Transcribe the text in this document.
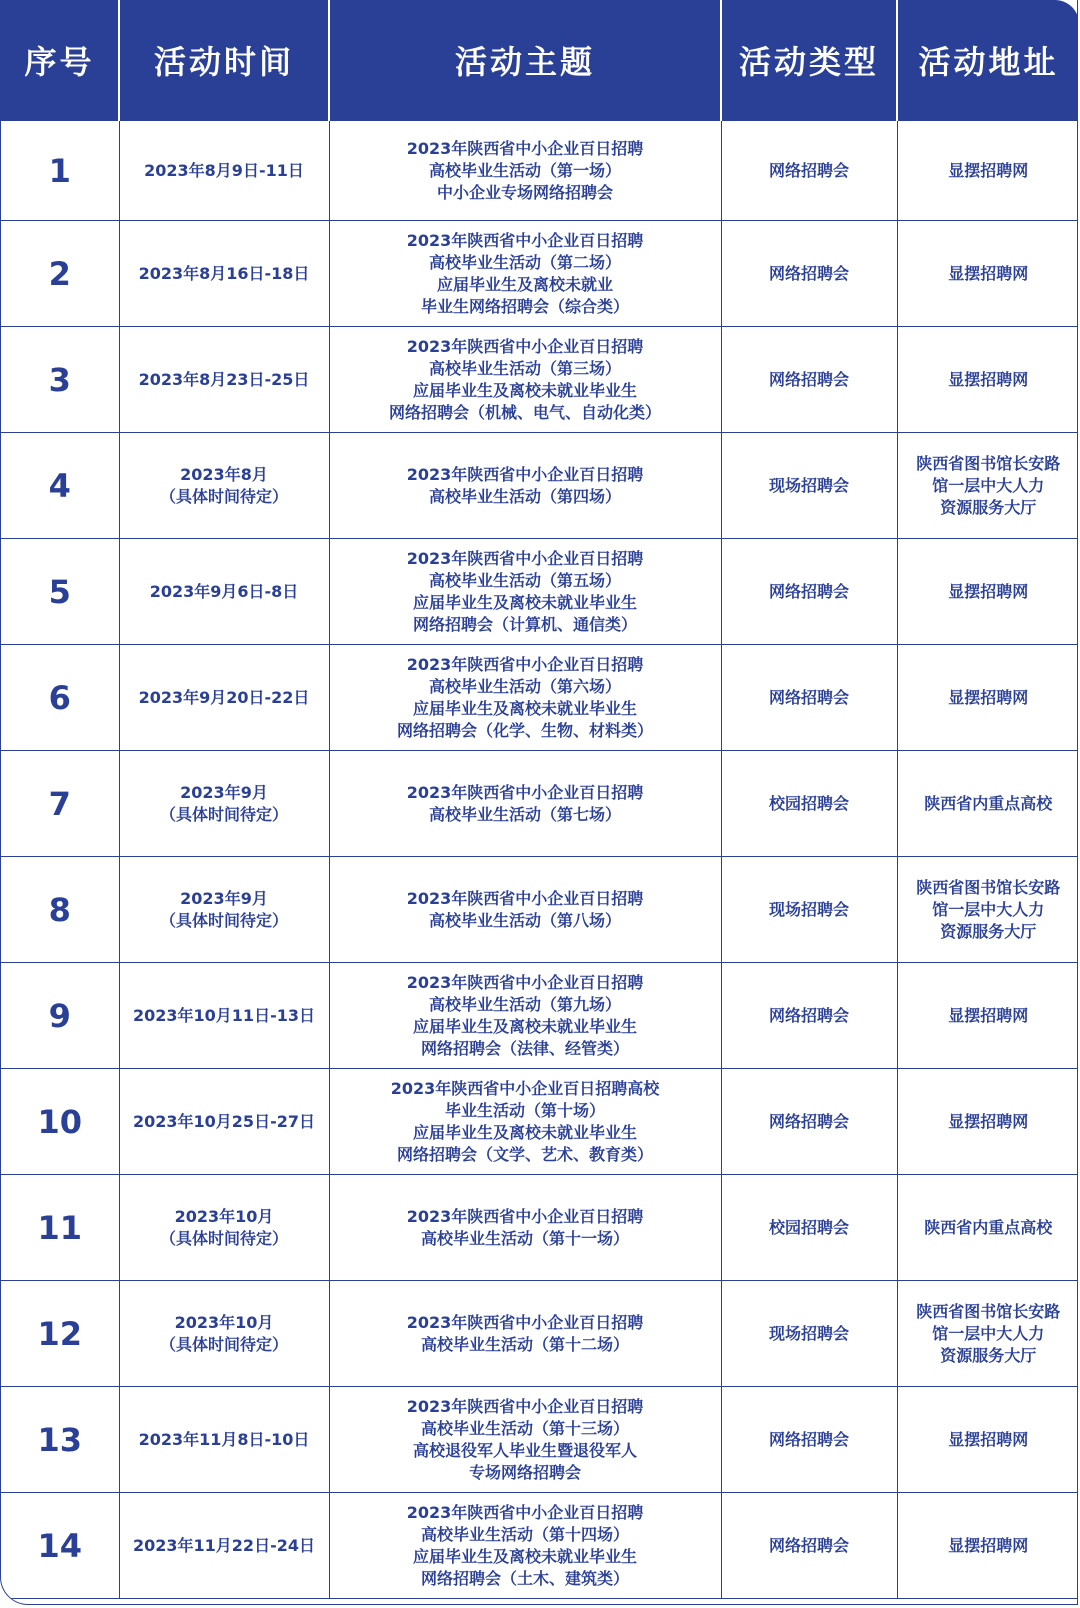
序号	活动时间	活动主题	活动类型	活动地址
1	2023年8月9日-11日	2023年陕西省中小企业百日招聘
高校毕业生活动（第一场）
中小企业专场网络招聘会	网络招聘会	显摆招聘网

2	2023年8月16日-18日	2023年陕西省中小企业百日招聘
高校毕业生活动（第二场）
应届毕业生及离校未就业
毕业生网络招聘会（综合类）	网络招聘会	显摆招聘网

3	2023年8月23日-25日	2023年陕西省中小企业百日招聘
高校毕业生活动（第三场）
应届毕业生及离校未就业毕业生
网络招聘会（机械、电气、自动化类）	网络招聘会	显摆招聘网

4	2023年8月
（具体时间待定）	2023年陕西省中小企业百日招聘
高校毕业生活动（第四场）	现场招聘会	陕西省图书馆长安路
馆一层中大人力
资源服务大厅

5	2023年9月6日-8日	2023年陕西省中小企业百日招聘
高校毕业生活动（第五场）
应届毕业生及离校未就业毕业生
网络招聘会（计算机、通信类）	网络招聘会	显摆招聘网

6	2023年9月20日-22日	2023年陕西省中小企业百日招聘
高校毕业生活动（第六场）
应届毕业生及离校未就业毕业生
网络招聘会（化学、生物、材料类）	网络招聘会	显摆招聘网

7	2023年9月
（具体时间待定）	2023年陕西省中小企业百日招聘
高校毕业生活动（第七场）	校园招聘会	陕西省内重点高校

8	2023年9月
（具体时间待定）	2023年陕西省中小企业百日招聘
高校毕业生活动（第八场）	现场招聘会	陕西省图书馆长安路
馆一层中大人力
资源服务大厅

9	2023年10月11日-13日	2023年陕西省中小企业百日招聘
高校毕业生活动（第九场）
应届毕业生及离校未就业毕业生
网络招聘会（法律、经管类）	网络招聘会	显摆招聘网

10	2023年10月25日-27日	2023年陕西省中小企业百日招聘高校
毕业生活动（第十场）
应届毕业生及离校未就业毕业生
网络招聘会（文学、艺术、教育类）	网络招聘会	显摆招聘网

11	2023年10月
（具体时间待定）	2023年陕西省中小企业百日招聘
高校毕业生活动（第十一场）	校园招聘会	陕西省内重点高校

12	2023年10月
（具体时间待定）	2023年陕西省中小企业百日招聘
高校毕业生活动（第十二场）	现场招聘会	陕西省图书馆长安路
馆一层中大人力
资源服务大厅

13	2023年11月8日-10日	2023年陕西省中小企业百日招聘
高校毕业生活动（第十三场）
高校退役军人毕业生暨退役军人
专场网络招聘会	网络招聘会	显摆招聘网

14	2023年11月22日-24日	2023年陕西省中小企业百日招聘
高校毕业生活动（第十四场）
应届毕业生及离校未就业毕业生
网络招聘会（土木、建筑类）	网络招聘会	显摆招聘网
